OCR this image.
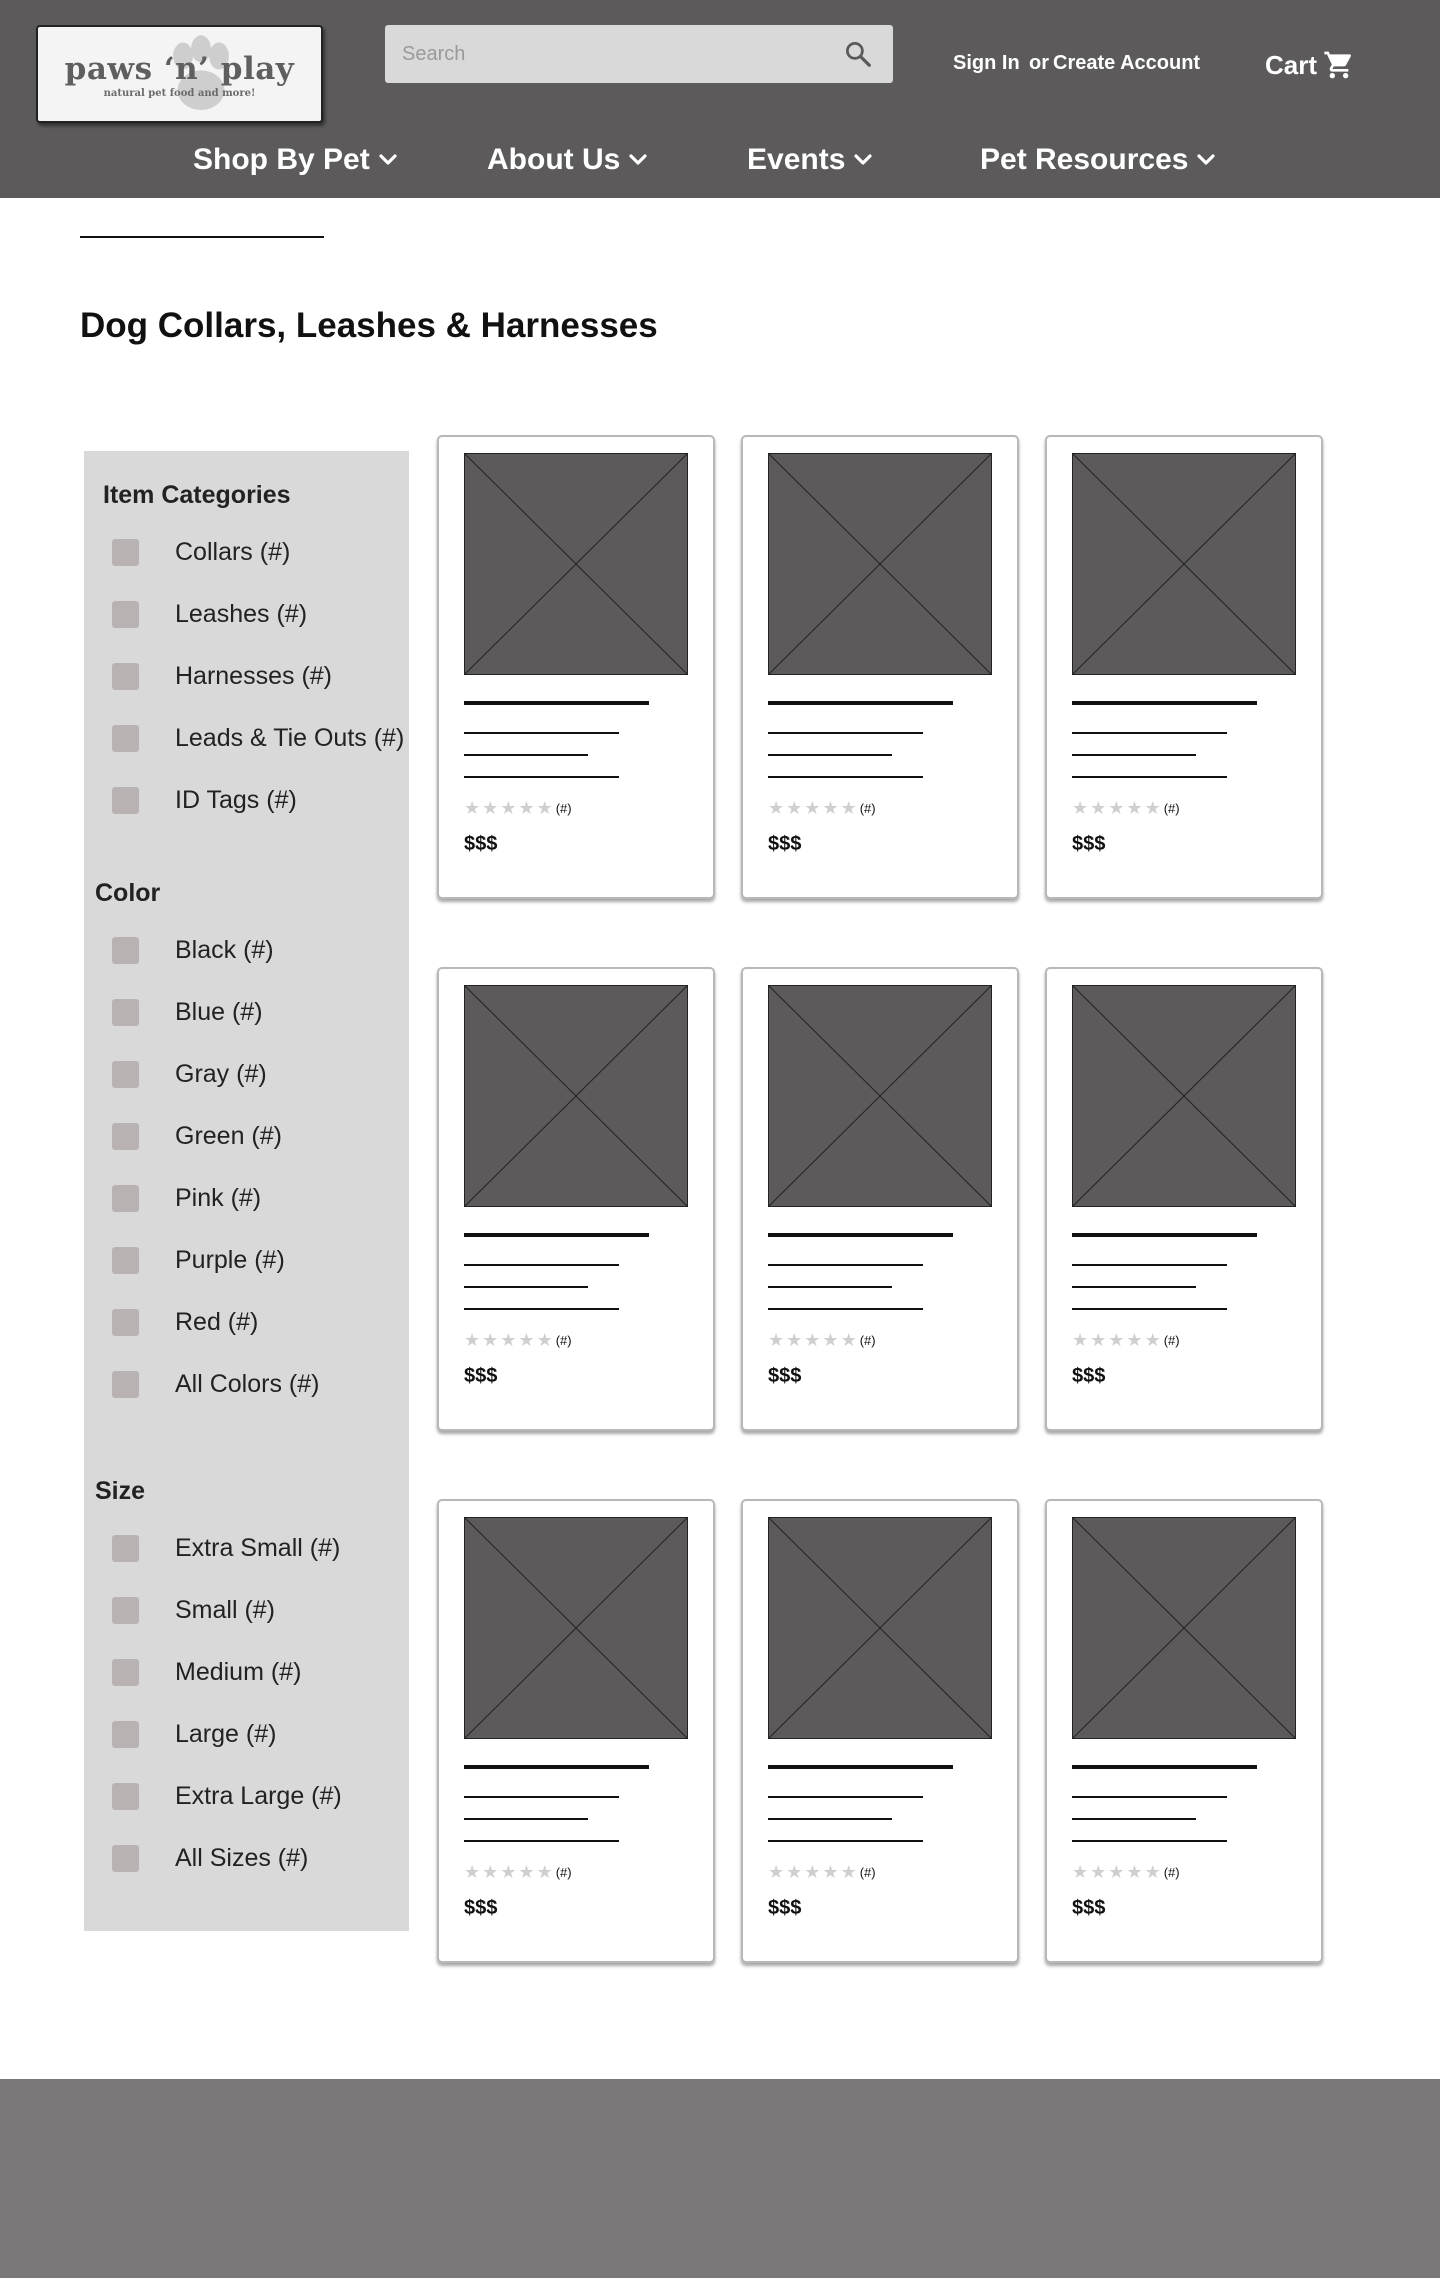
paws ‘n’ play
natural pet food and more!
Search
Sign In or Create Account Cart
Shop By Pet	About Us	Events	Pet Resources
Dog Collars, Leashes & Harnesses
Item Categories
Collars (#)
Leashes (#)
Harnesses (#)
Leads & Tie Outs (#)
ID Tags (#)
Color
Black (#)
Blue (#)
Gray (#)
Green (#)
Pink (#)
Purple (#)
Red (#)
All Colors (#)
Size
Extra Small (#)
Small (#)
Medium (#)
Large (#)
Extra Large (#)
All Sizes (#)
★ ★ ★ ★ ★ (#)
$$$
★ ★ ★ ★ ★ (#)
$$$
★ ★ ★ ★ ★ (#)
$$$
★ ★ ★ ★ ★ (#)
$$$
★ ★ ★ ★ ★ (#)
$$$
★ ★ ★ ★ ★ (#)
$$$
★ ★ ★ ★ ★ (#)
$$$
★ ★ ★ ★ ★ (#)
$$$
★ ★ ★ ★ ★ (#)
$$$
